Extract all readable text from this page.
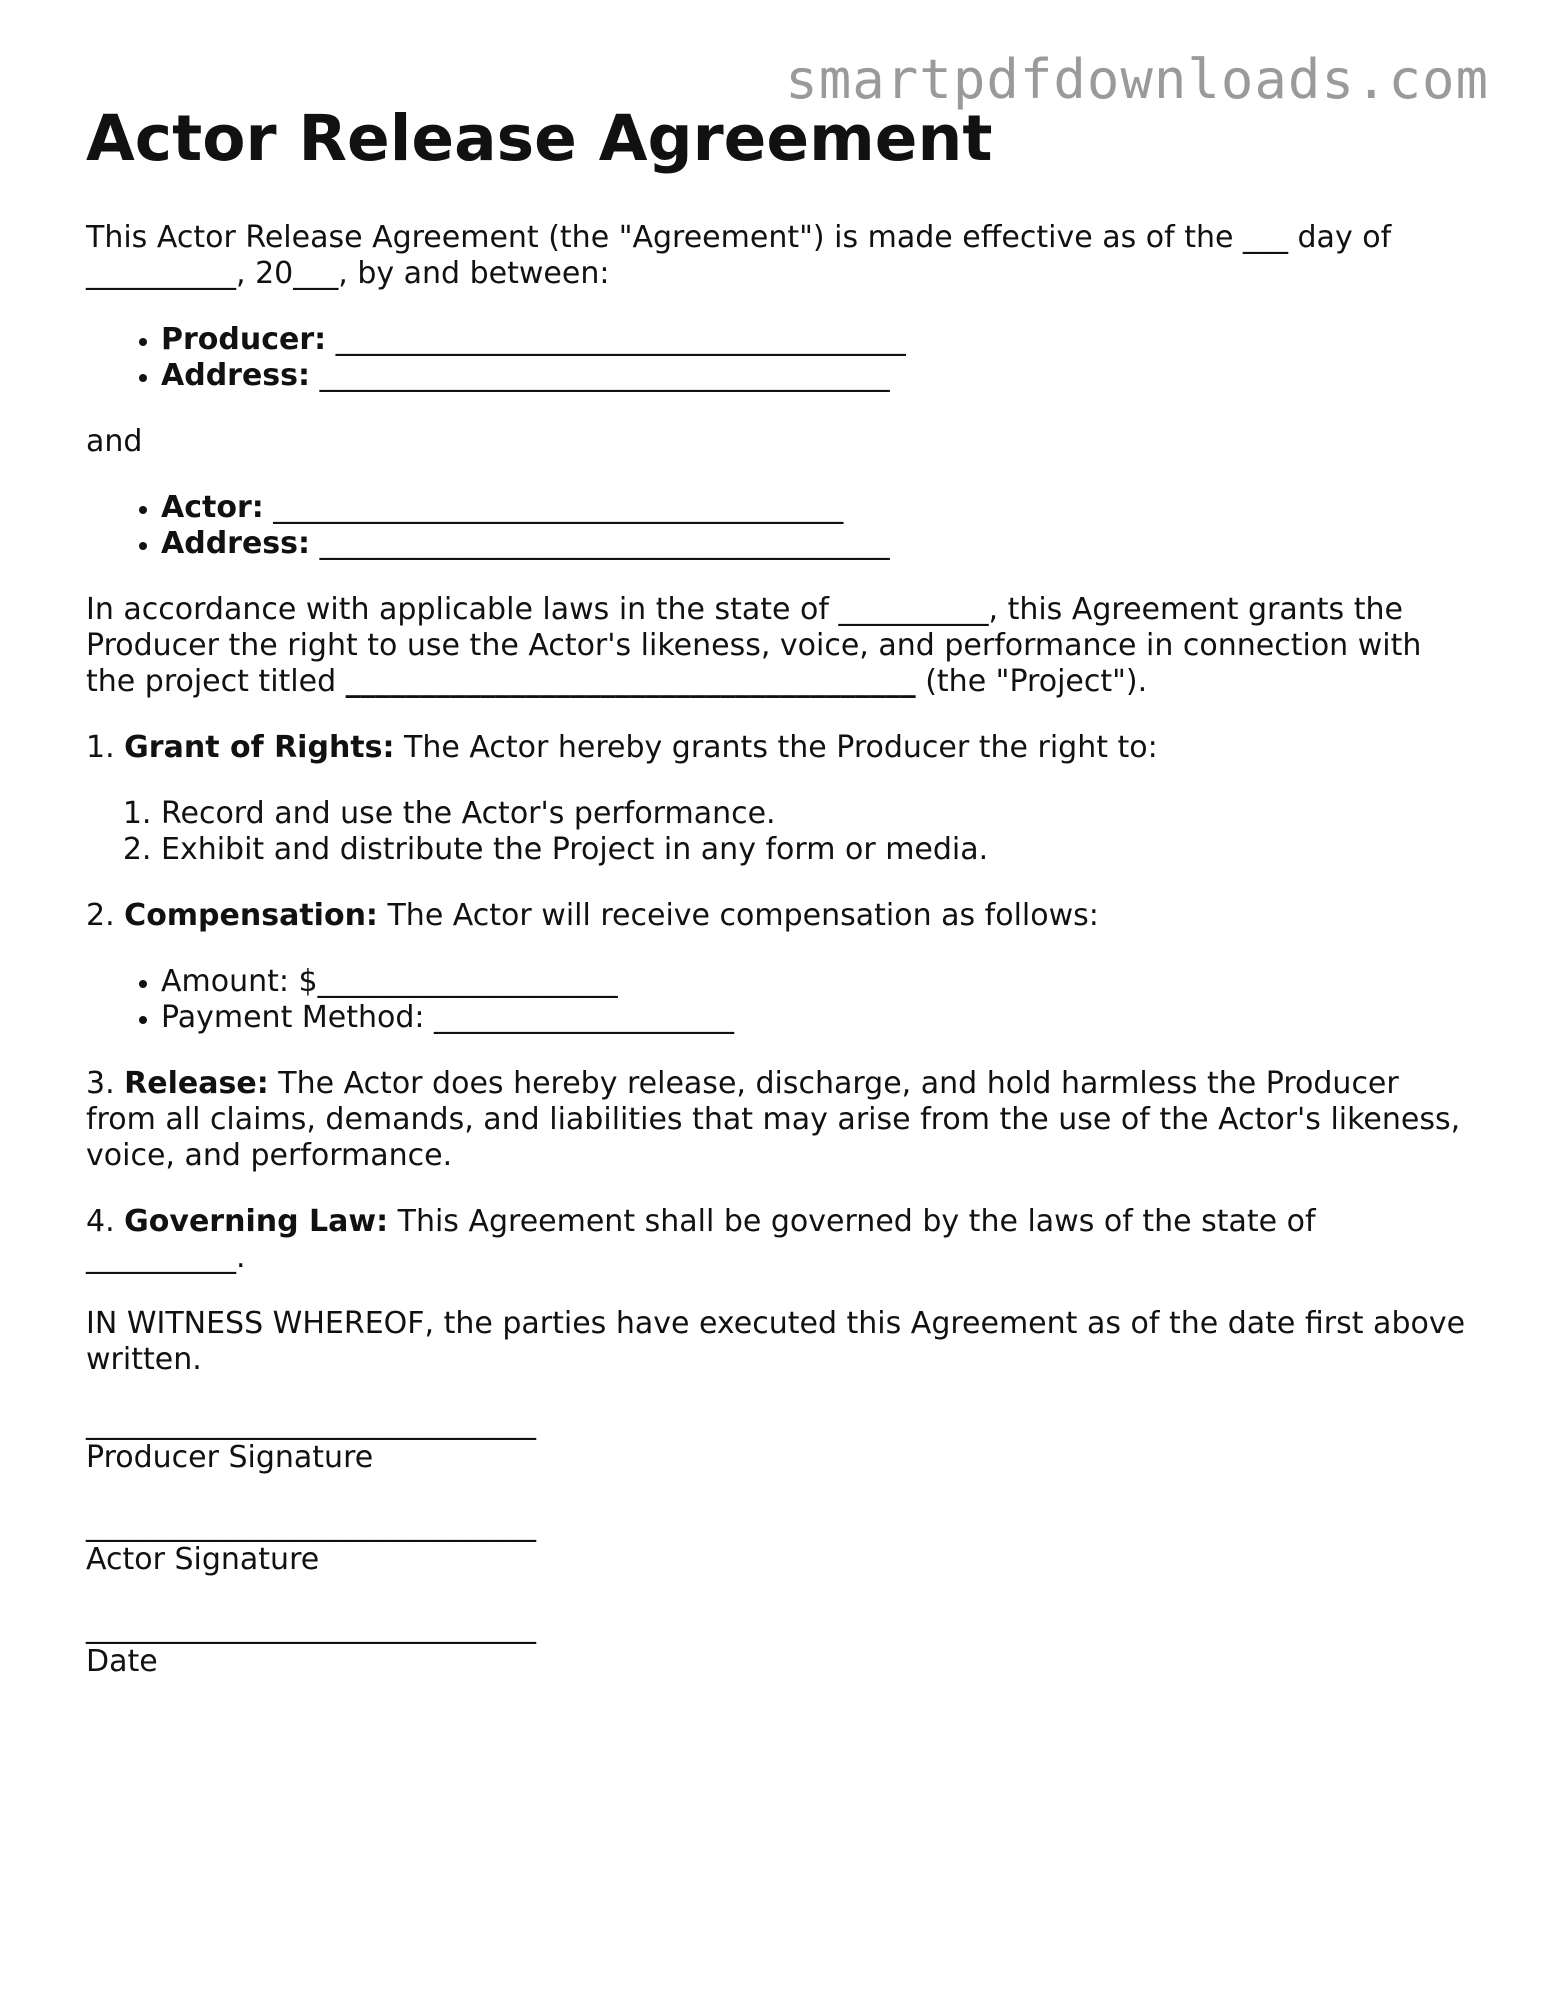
smartpdfdownloads.com
Actor Release Agreement

This Actor Release Agreement (the "Agreement") is made effective as of the ___ day of __________, 20___, by and between:

• Producer: ______________________________________
• Address: ______________________________________

and

• Actor: ______________________________________
• Address: ______________________________________

In accordance with applicable laws in the state of __________, this Agreement grants the Producer the right to use the Actor's likeness, voice, and performance in connection with the project titled ______________________________________ (the "Project").

1. Grant of Rights: The Actor hereby grants the Producer the right to:

1. Record and use the Actor's performance.
2. Exhibit and distribute the Project in any form or media.

2. Compensation: The Actor will receive compensation as follows:

• Amount: $____________________
• Payment Method: ____________________

3. Release: The Actor does hereby release, discharge, and hold harmless the Producer from all claims, demands, and liabilities that may arise from the use of the Actor's likeness, voice, and performance.

4. Governing Law: This Agreement shall be governed by the laws of the state of __________.

IN WITNESS WHEREOF, the parties have executed this Agreement as of the date first above written.

______________________________
Producer Signature
______________________________
Actor Signature
______________________________
Date
